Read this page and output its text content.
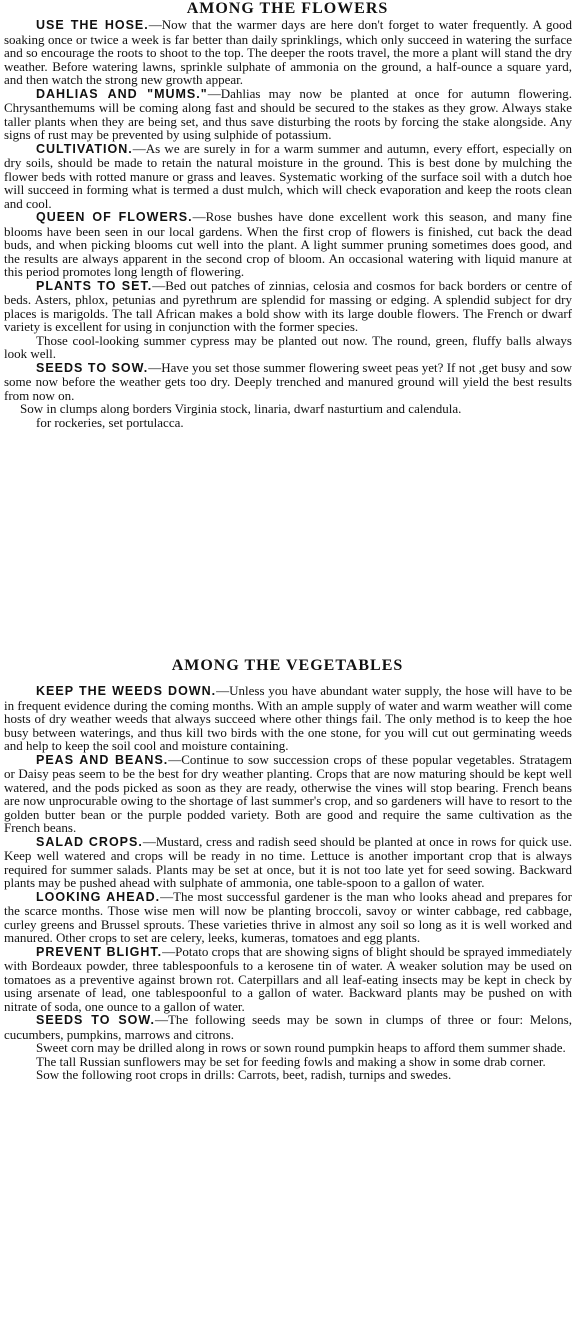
AMONG THE FLOWERS

USE THE HOSE.—Now that the warmer days are here don't forget to water frequently. A good soaking once or twice a week is far better than daily sprinklings, which only succeed in watering the surface and so encourage the roots to shoot to the top. The deeper the roots travel, the more a plant will stand the dry weather. Before watering lawns, sprinkle sulphate of ammonia on the ground, a half-ounce a square yard, and then watch the strong new growth appear.

DAHLIAS AND "MUMS."—Dahlias may now be planted at once for autumn flowering. Chrysanthemums will be coming along fast and should be secured to the stakes as they grow. Always stake taller plants when they are being set, and thus save disturbing the roots by forcing the stake alongside. Any signs of rust may be prevented by using sulphide of potassium.

CULTIVATION.—As we are surely in for a warm summer and autumn, every effort, especially on dry soils, should be made to retain the natural moisture in the ground. This is best done by mulching the flower beds with rotted manure or grass and leaves. Systematic working of the surface soil with a dutch hoe will succeed in forming what is termed a dust mulch, which will check evaporation and keep the roots clean and cool.

QUEEN OF FLOWERS.—Rose bushes have done excellent work this season, and many fine blooms have been seen in our local gardens. When the first crop of flowers is finished, cut back the dead buds, and when picking blooms cut well into the plant. A light summer pruning sometimes does good, and the results are always apparent in the second crop of bloom. An occasional watering with liquid manure at this period promotes long length of flowering.

PLANTS TO SET.—Bed out patches of zinnias, celosia and cosmos for back borders or centre of beds. Asters, phlox, petunias and pyrethrum are splendid for massing or edging. A splendid subject for dry places is marigolds. The tall African makes a bold show with its large double flowers. The French or dwarf variety is excellent for using in conjunction with the former species.

Those cool-looking summer cypress may be planted out now. The round, green, fluffy balls always look well.

SEEDS TO SOW.—Have you set those summer flowering sweet peas yet? If not ,get busy and sow some now before the weather gets too dry. Deeply trenched and manured ground will yield the best results from now on.

Sow in clumps along borders Virginia stock, linaria, dwarf nasturtium and calendula.

for rockeries, set portulacca.

AMONG THE VEGETABLES

KEEP THE WEEDS DOWN.—Unless you have abundant water supply, the hose will have to be in frequent evidence during the coming months. With an ample supply of water and warm weather will come hosts of dry weather weeds that always succeed where other things fail. The only method is to keep the hoe busy between waterings, and thus kill two birds with the one stone, for you will cut out germinating weeds and help to keep the soil cool and moisture containing.

PEAS AND BEANS.—Continue to sow succession crops of these popular vegetables. Stratagem or Daisy peas seem to be the best for dry weather planting. Crops that are now maturing should be kept well watered, and the pods picked as soon as they are ready, otherwise the vines will stop bearing. French beans are now unprocurable owing to the shortage of last summer's crop, and so gardeners will have to resort to the golden butter bean or the purple podded variety. Both are good and require the same cultivation as the French beans.

SALAD CROPS.—Mustard, cress and radish seed should be planted at once in rows for quick use. Keep well watered and crops will be ready in no time. Lettuce is another important crop that is always required for summer salads. Plants may be set at once, but it is not too late yet for seed sowing. Backward plants may be pushed ahead with sulphate of ammonia, one table-spoon to a gallon of water.

LOOKING AHEAD.—The most successful gardener is the man who looks ahead and prepares for the scarce months. Those wise men will now be planting broccoli, savoy or winter cabbage, red cabbage, curley greens and Brussel sprouts. These varieties thrive in almost any soil so long as it is well worked and manured. Other crops to set are celery, leeks, kumeras, tomatoes and egg plants.

PREVENT BLIGHT.—Potato crops that are showing signs of blight should be sprayed immediately with Bordeaux powder, three tablespoonfuls to a kerosene tin of water. A weaker solution may be used on tomatoes as a preventive against brown rot. Caterpillars and all leaf-eating insects may be kept in check by using arsenate of lead, one tablespoonful to a gallon of water. Backward plants may be pushed on with nitrate of soda, one ounce to a gallon of water.

SEEDS TO SOW.—The following seeds may be sown in clumps of three or four: Melons, cucumbers, pumpkins, marrows and citrons.

Sweet corn may be drilled along in rows or sown round pumpkin heaps to afford them summer shade.

The tall Russian sunflowers may be set for feeding fowls and making a show in some drab corner.

Sow the following root crops in drills: Carrots, beet, radish, turnips and swedes.
